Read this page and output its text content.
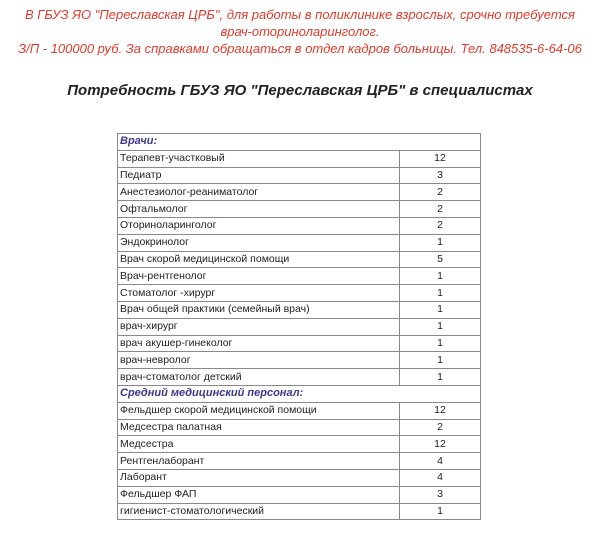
В ГБУЗ ЯО "Переславская ЦРБ", для работы в поликлинике взрослых, срочно требуется
врач-оториноларинголог.
З/П - 100000 руб. За справками обращаться в отдел кадров больницы. Тел. 848535-6-64-06
Потребность ГБУЗ ЯО "Переславская ЦРБ" в специалистах
Врачи:	
Терапевт-участковый	12
Педиатр	3
Анестезиолог-реаниматолог	2
Офтальмолог	2
Оториноларинголог	2
Эндокринолог	1
Врач скорой медицинской помощи	5
Врач-рентгенолог	1
Стоматолог -хирург	1
Врач общей практики (семейный врач)	1
врач-хирург	1
врач акушер-гинеколог	1
врач-невролог	1
врач-стоматолог детский	1
Средний медицинский персонал:	
Фельдшер скорой медицинской помощи	12
Медсестра палатная	2
Медсестра	12
Рентгенлаборант	4
Лаборант	4
Фельдшер ФАП	3
гигиенист-стоматологический	1
